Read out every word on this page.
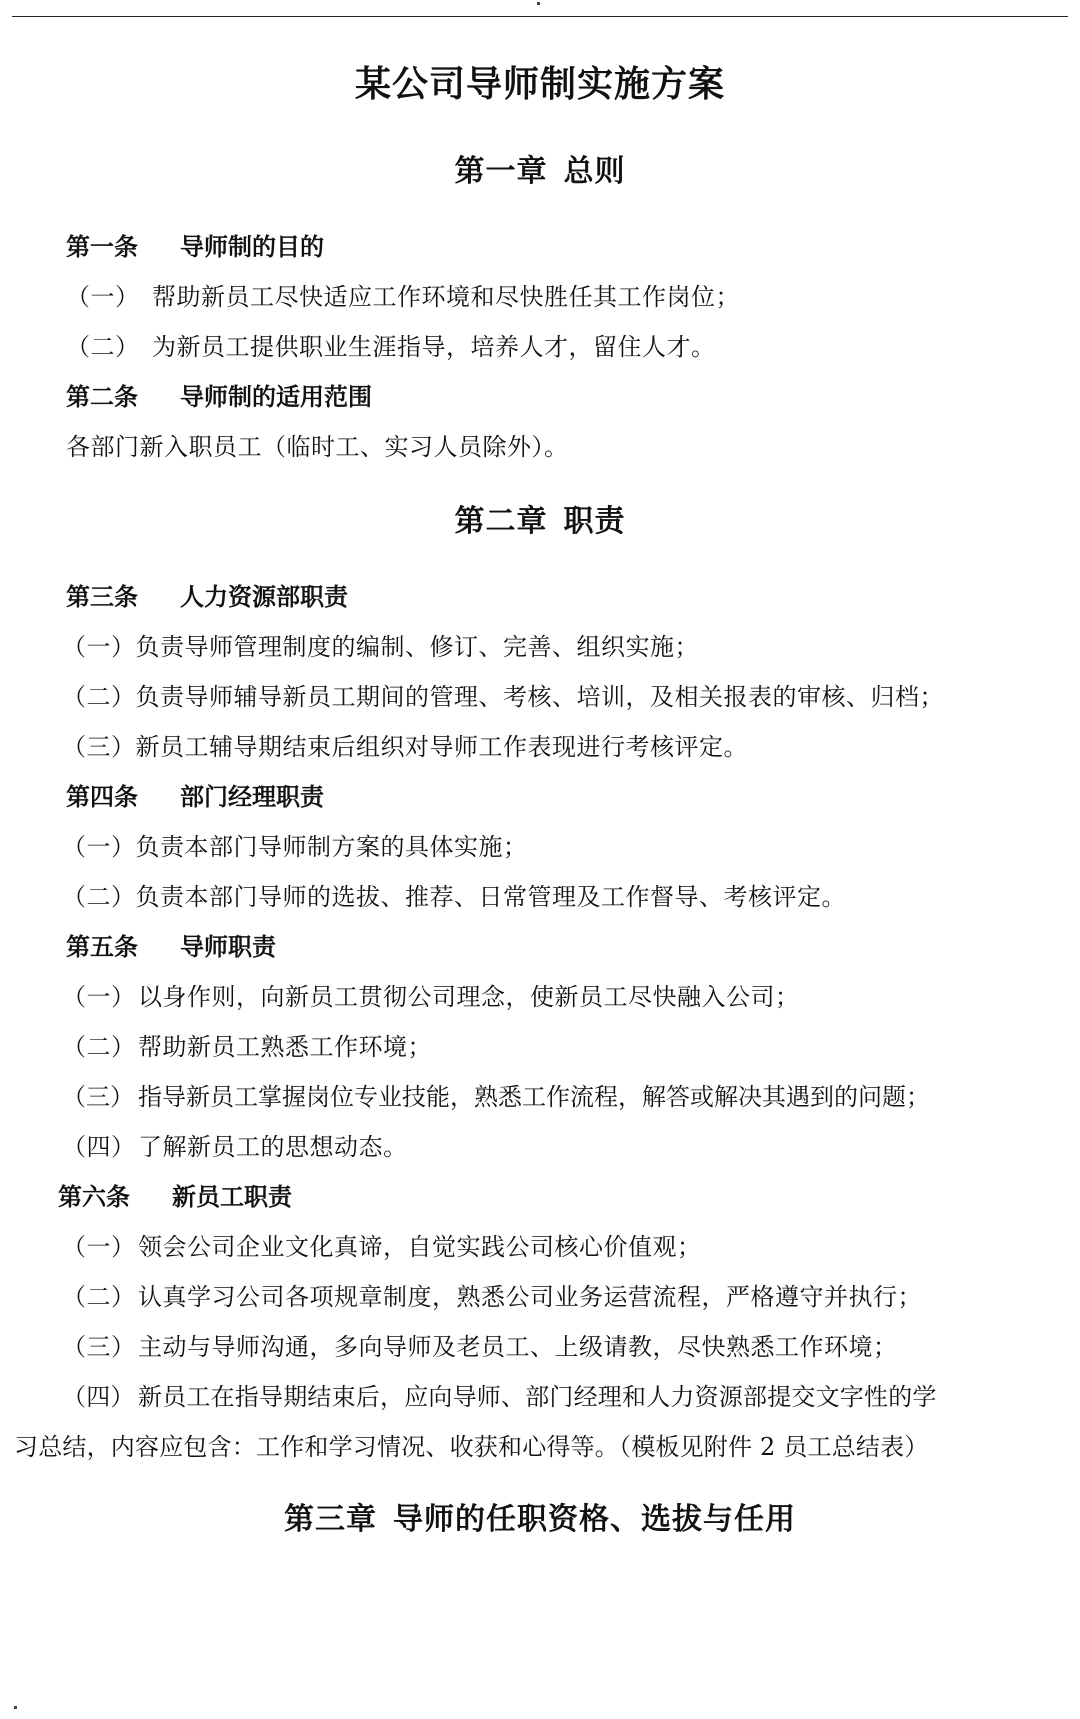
某公司导师制实施方案
第一章 总则
第一条 导师制的目的
（一） 帮助新员工尽快适应工作环境和尽快胜任其工作岗位；
（二） 为新员工提供职业生涯指导，培养人才，留住人才。
第二条 导师制的适用范围
各部门新入职员工（临时工、实习人员除外）。
第二章 职责
第三条 人力资源部职责
（一）负责导师管理制度的编制、修订、完善、组织实施；
（二）负责导师辅导新员工期间的管理、考核、培训，及相关报表的审核、归档；
（三）新员工辅导期结束后组织对导师工作表现进行考核评定。
第四条 部门经理职责
（一）负责本部门导师制方案的具体实施；
（二）负责本部门导师的选拔、推荐、日常管理及工作督导、考核评定。
第五条 导师职责
（一） 以身作则，向新员工贯彻公司理念，使新员工尽快融入公司；
（二） 帮助新员工熟悉工作环境；
（三） 指导新员工掌握岗位专业技能，熟悉工作流程，解答或解决其遇到的问题；
（四） 了解新员工的思想动态。
第六条 新员工职责
（一） 领会公司企业文化真谛，自觉实践公司核心价值观；
（二） 认真学习公司各项规章制度，熟悉公司业务运营流程，严格遵守并执行；
（三） 主动与导师沟通，多向导师及老员工、上级请教，尽快熟悉工作环境；
（四） 新员工在指导期结束后，应向导师、部门经理和人力资源部提交文字性的学
习总结，内容应包含：工作和学习情况、收获和心得等。（模板见附件 2 员工总结表）
第三章 导师的任职资格、选拔与任用
